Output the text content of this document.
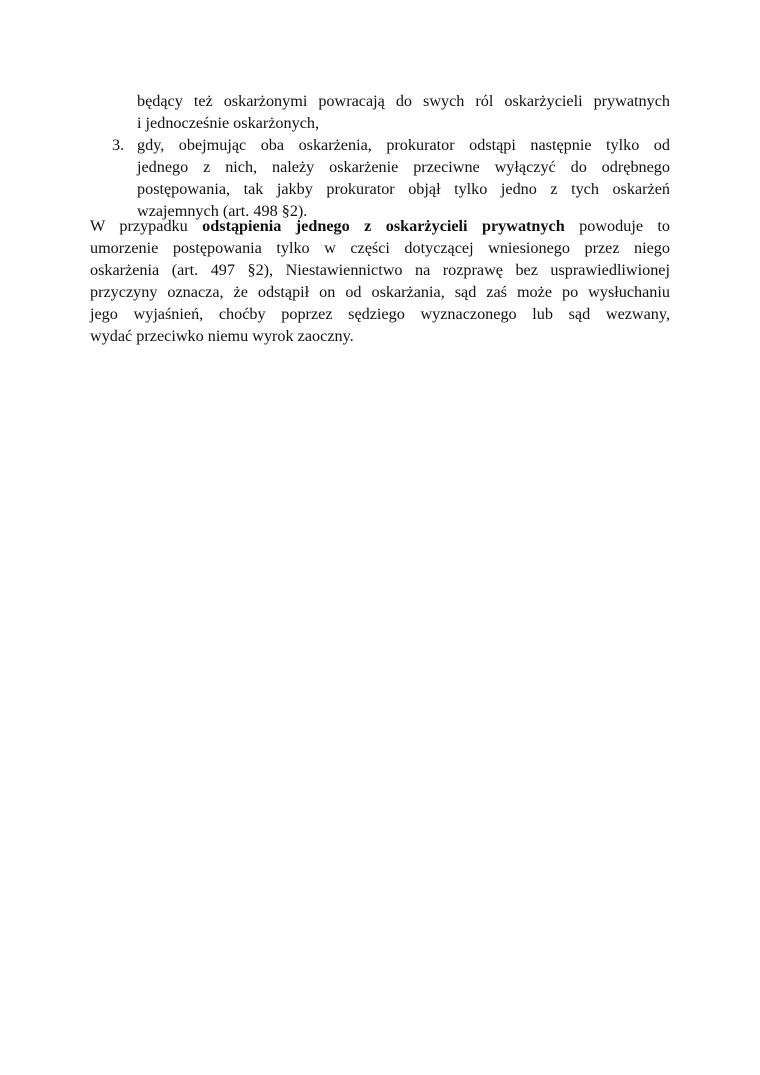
będący też oskarżonymi powracają do swych ról oskarżycieli prywatnych
i jednocześnie oskarżonych,
3. gdy, obejmując oba oskarżenia, prokurator odstąpi następnie tylko od
jednego z nich, należy oskarżenie przeciwne wyłączyć do odrębnego
postępowania, tak jakby prokurator objął tylko jedno z tych oskarżeń
wzajemnych (art. 498 §2).
W przypadku odstąpienia jednego z oskarżycieli prywatnych powoduje to
umorzenie postępowania tylko w części dotyczącej wniesionego przez niego
oskarżenia (art. 497 §2), Niestawiennictwo na rozprawę bez usprawiedliwionej
przyczyny oznacza, że odstąpił on od oskarżania, sąd zaś może po wysłuchaniu
jego wyjaśnień, choćby poprzez sędziego wyznaczonego lub sąd wezwany,
wydać przeciwko niemu wyrok zaoczny.
